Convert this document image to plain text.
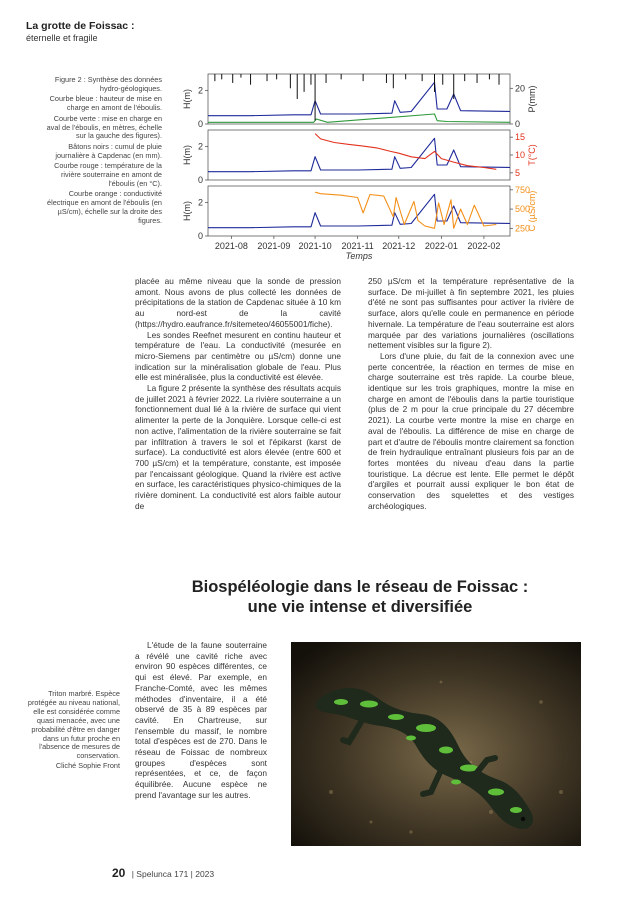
La grotte de Foissac :
éternelle et fragile

Figure 2 : Synthèse des données hydro-géologiques.

Courbe bleue : hauteur de mise en charge en amont de l'éboulis.

Courbe verte : mise en charge en aval de l'éboulis, en mètres, échelle sur la gauche des figures).

Bâtons noirs : cumul de pluie journalière à Capdenac (en mm).

Courbe rouge : température de la rivière souterraine en amont de l'éboulis (en °C).

Courbe orange : conductivité électrique en amont de l'éboulis (en µS/cm), échelle sur la droite des figures.

0
2
H(m)
0
20 P(mm)
0
2
H(m)
5
10
15
T(°C)
0
2
H(m)
250
500
750
C (µS/cm)
2021-08 2021-09 2021-10 2021-11 2021-12 2022-01 2022-02
Temps

placée au même niveau que la sonde de pression amont. Nous avons de plus collecté les données de précipitations de la station de Capdenac située à 10 km au nord-est de la cavité (https://hydro.eaufrance.fr/sitemeteo/46055001/fiche).

Les sondes Reefnet mesurent en continu hauteur et température de l'eau. La conductivité (mesurée en micro-Siemens par centimètre ou µS/cm) donne une indication sur la minéralisation globale de l'eau. Plus elle est minéralisée, plus la conductivité est élevée.

La figure 2 présente la synthèse des résultats acquis de juillet 2021 à février 2022. La rivière souterraine a un fonctionnement dual lié à la rivière de surface qui vient alimenter la perte de la Jonquière. Lorsque celle-ci est non active, l'alimentation de la rivière souterraine se fait par infiltration à travers le sol et l'épikarst (karst de surface). La conductivité est alors élevée (entre 600 et 700 µS/cm) et la température, constante, est imposée par l'encaissant géologique. Quand la rivière est active en surface, les caractéristiques physico-chimiques de la rivière dominent. La conductivité est alors faible autour de

250 µS/cm et la température représentative de la surface. De mi-juillet à fin septembre 2021, les pluies d'été ne sont pas suffisantes pour activer la rivière de surface, alors qu'elle coule en permanence en période hivernale. La température de l'eau souterraine est alors marquée par des variations journalières (oscillations nettement visibles sur la figure 2).

Lors d'une pluie, du fait de la connexion avec une perte concentrée, la réaction en termes de mise en charge souterraine est très rapide. La courbe bleue, identique sur les trois graphiques, montre la mise en charge en amont de l'éboulis dans la partie touristique (plus de 2 m pour la crue principale du 27 décembre 2021). La courbe verte montre la mise en charge en aval de l'éboulis. La différence de mise en charge de part et d'autre de l'éboulis montre clairement sa fonction de frein hydraulique entraînant plusieurs fois par an de fortes montées du niveau d'eau dans la partie touristique. La décrue est lente. Elle permet le dépôt d'argiles et pourrait aussi expliquer le bon état de conservation des squelettes et des vestiges archéologiques.

Biospéléologie dans le réseau de Foissac :
une vie intense et diversifiée

L'étude de la faune souterraine a révélé une cavité riche avec environ 90 espèces différentes, ce qui est élevé. Par exemple, en Franche-Comté, avec les mêmes méthodes d'inventaire, il a été observé de 35 à 89 espèces par cavité. En Chartreuse, sur l'ensemble du massif, le nombre total d'espèces est de 270. Dans le réseau de Foissac de nombreux groupes d'espèces sont représentées, et ce, de façon équilibrée. Aucune espèce ne prend l'avantage sur les autres.

Triton marbré. Espèce protégée au niveau national, elle est considérée comme quasi menacée, avec une probabilité d'être en danger dans un futur proche en l'absence de mesures de conservation.
Cliché Sophie Front
20 | Spelunca 171 | 2023
